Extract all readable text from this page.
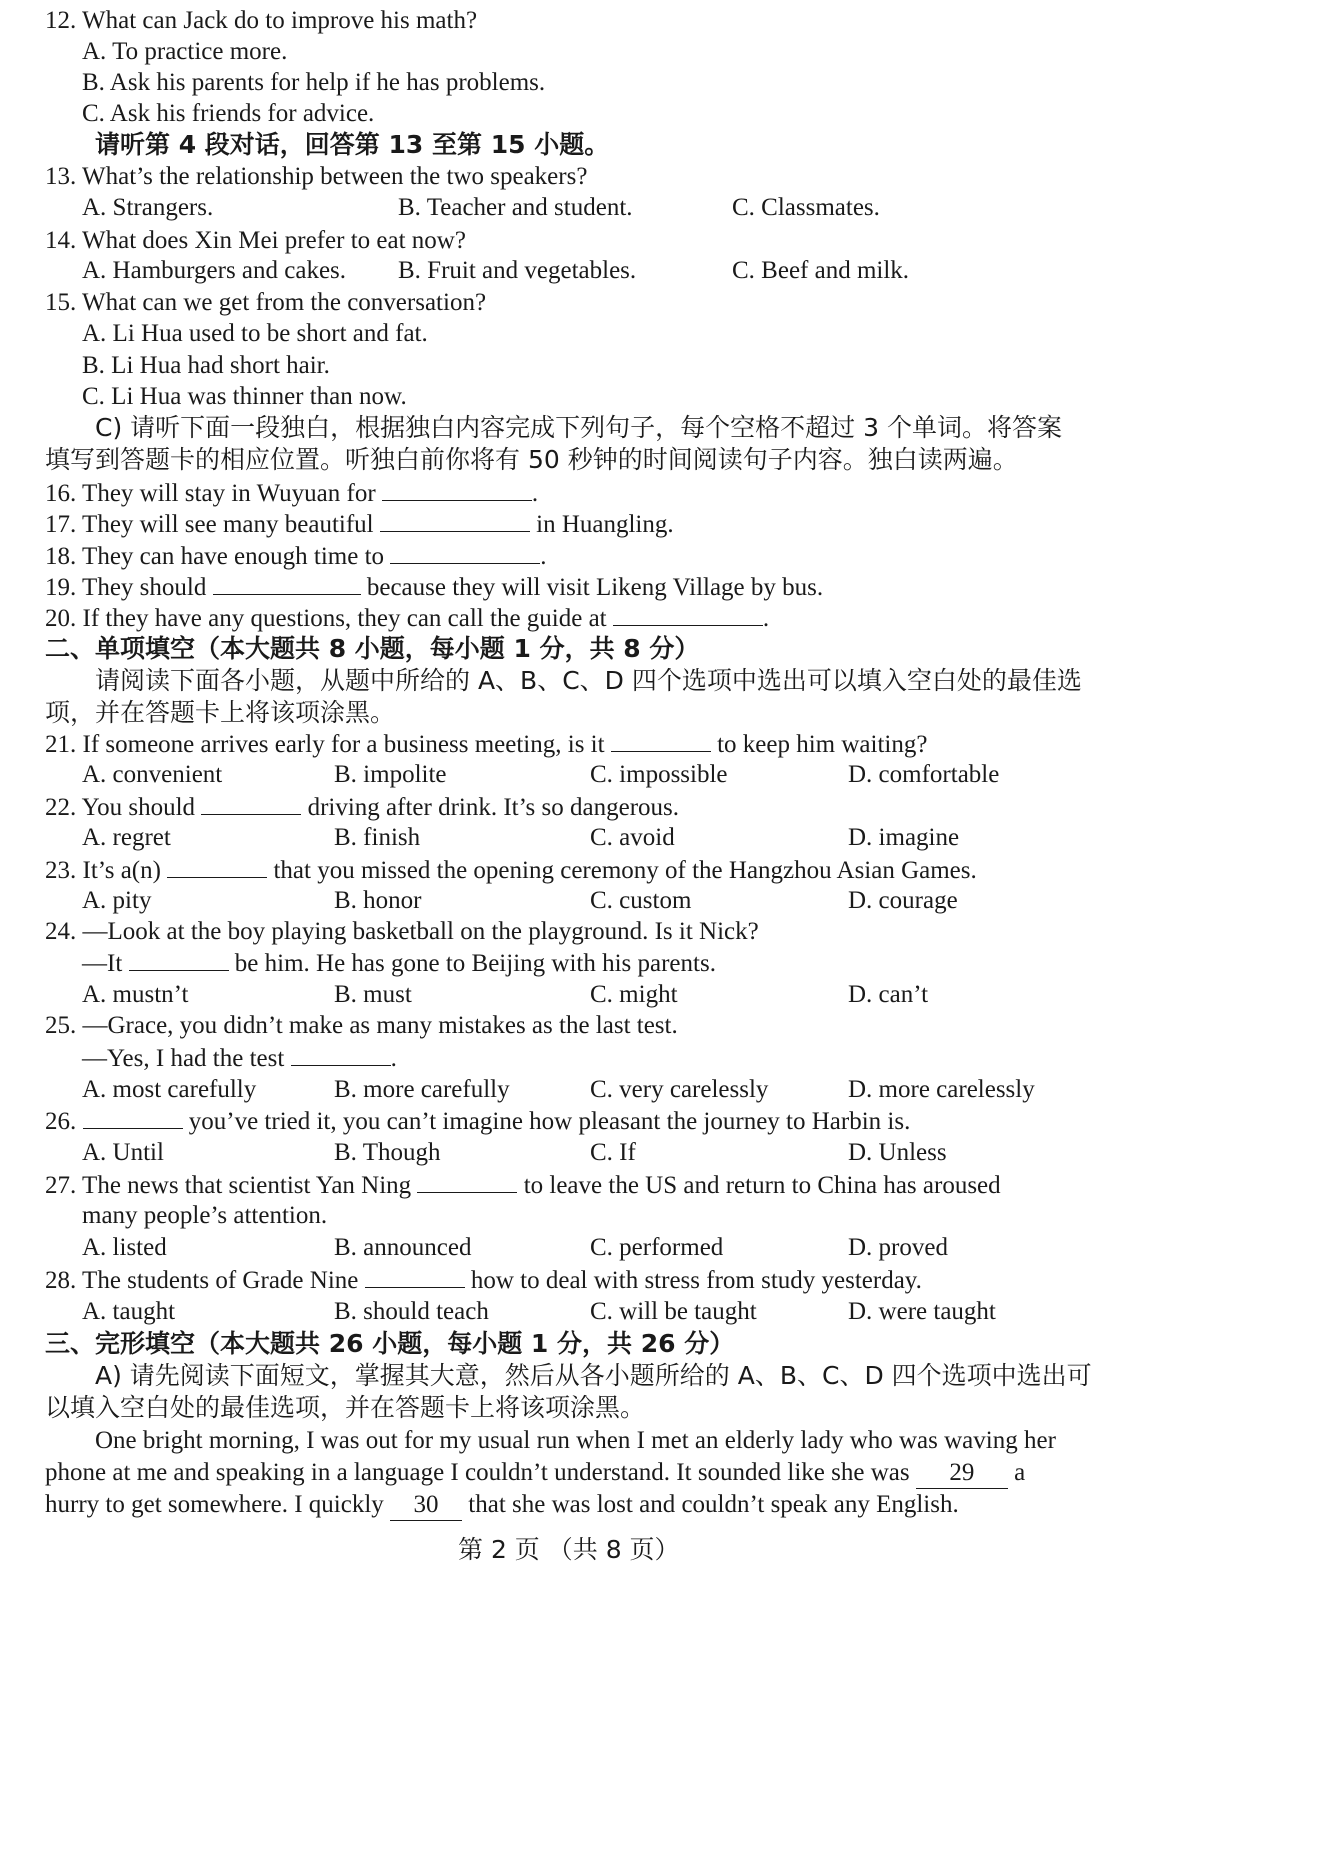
12. What can Jack do to improve his math?
A. To practice more.
B. Ask his parents for help if he has problems.
C. Ask his friends for advice.
请听第 4 段对话，回答第 13 至第 15 小题。
13. What’s the relationship between the two speakers?
A. Strangers.	B. Teacher and student.	C. Classmates.
14. What does Xin Mei prefer to eat now?
A. Hamburgers and cakes. B. Fruit and vegetables.	C. Beef and milk.
15. What can we get from the conversation?
A. Li Hua used to be short and fat.
B. Li Hua had short hair.
C. Li Hua was thinner than now.
C) 请听下面一段独白，根据独白内容完成下列句子，每个空格不超过 3 个单词。将答案
填写到答题卡的相应位置。听独白前你将有 50 秒钟的时间阅读句子内容。独白读两遍。
16. They will stay in Wuyuan for	.
17. They will see many beautiful	in Huangling.
18. They can have enough time to	.
19. They should	because they will visit Likeng Village by bus.
20. If they have any questions, they can call the guide at	.
二、单项填空（本大题共 8 小题，每小题 1 分，共 8 分）
请阅读下面各小题，从题中所给的 A、B、C、D 四个选项中选出可以填入空白处的最佳选
项，并在答题卡上将该项涂黑。
21. If someone arrives early for a business meeting, is it	to keep him waiting?
A. convenient	B. impolite	C. impossible	D. comfortable
22. You should	driving after drink. It’s so dangerous.
A. regret	B. finish	C. avoid	D. imagine
23. It’s a(n)	that you missed the opening ceremony of the Hangzhou Asian Games.
A. pity	B. honor	C. custom	D. courage
24. —Look at the boy playing basketball on the playground. Is it Nick?
—It	be him. He has gone to Beijing with his parents.
A. mustn’t	B. must	C. might	D. can’t
25. —Grace, you didn’t make as many mistakes as the last test.
—Yes, I had the test	.
A. most carefully	B. more carefully	C. very carelessly	D. more carelessly
26.	you’ve tried it, you can’t imagine how pleasant the journey to Harbin is.
A. Until	B. Though	C. If	D. Unless
27. The news that scientist Yan Ning	to leave the US and return to China has aroused
many people’s attention.
A. listed	B. announced	C. performed	D. proved
28. The students of Grade Nine	how to deal with stress from study yesterday.
A. taught	B. should teach	C. will be taught	D. were taught
三、完形填空（本大题共 26 小题，每小题 1 分，共 26 分）
A) 请先阅读下面短文，掌握其大意，然后从各小题所给的 A、B、C、D 四个选项中选出可
以填入空白处的最佳选项，并在答题卡上将该项涂黑。
One bright morning, I was out for my usual run when I met an elderly lady who was waving her
phone at me and speaking in a language I couldn’t understand. It sounded like she was 29 a
hurry to get somewhere. I quickly 30 that she was lost and couldn’t speak any English.
第 2 页 （共 8 页）
